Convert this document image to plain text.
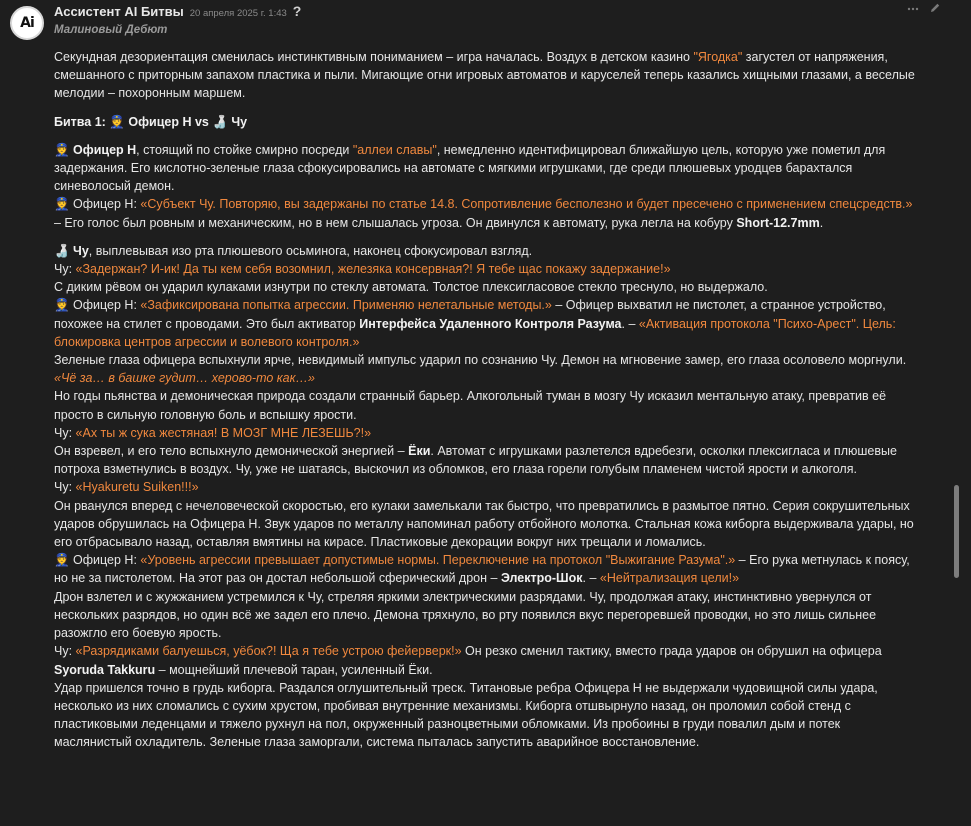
Ai
Ассистент AI Битвы 20 апреля 2025 г. 1:43 ?
Малиновый Дебют

Секундная дезориентация сменилась инстинктивным пониманием – игра началась. Воздух в детском казино "Ягодка" загустел от напряжения, смешанного с приторным запахом пластика и пыли. Мигающие огни игровых автоматов и каруселей теперь казались хищными глазами, а веселые мелодии – похоронным маршем.

Битва 1: 👮 Офицер Н vs 🍶 Чу

👮 Офицер Н, стоящий по стойке смирно посреди "аллеи славы", немедленно идентифицировал ближайшую цель, которую уже пометил для задержания. Его кислотно-зеленые глаза сфокусировались на автомате с мягкими игрушками, где среди плюшевых уродцев барахтался синеволосый демон.

👮 Офицер Н: «Субъект Чу. Повторяю, вы задержаны по статье 14.8. Сопротивление бесполезно и будет пресечено с применением спецсредств.» – Его голос был ровным и механическим, но в нем слышалась угроза. Он двинулся к автомату, рука легла на кобуру Short-12.7mm.

🍶 Чу, выплевывая изо рта плюшевого осьминога, наконец сфокусировал взгляд.

Чу: «Задержан? И-ик! Да ты кем себя возомнил, железяка консервная?! Я тебе щас покажу задержание!»

С диким рёвом он ударил кулаками изнутри по стеклу автомата. Толстое плексигласовое стекло треснуло, но выдержало.

👮 Офицер Н: «Зафиксирована попытка агрессии. Применяю нелетальные методы.» – Офицер выхватил не пистолет, а странное устройство, похожее на стилет с проводами. Это был активатор Интерфейса Удаленного Контроля Разума. – «Активация протокола "Психо-Арест". Цель: блокировка центров агрессии и волевого контроля.»

Зеленые глаза офицера вспыхнули ярче, невидимый импульс ударил по сознанию Чу. Демон на мгновение замер, его глаза осоловело моргнули. «Чё за… в башке гудит… херово-то как…»

Но годы пьянства и демоническая природа создали странный барьер. Алкогольный туман в мозгу Чу исказил ментальную атаку, превратив её просто в сильную головную боль и вспышку ярости.

Чу: «Ах ты ж сука жестяная! В МОЗГ МНЕ ЛЕЗЕШЬ?!»

Он взревел, и его тело вспыхнуло демонической энергией – Ёки. Автомат с игрушками разлетелся вдребезги, осколки плексигласа и плюшевые потроха взметнулись в воздух. Чу, уже не шатаясь, выскочил из обломков, его глаза горели голубым пламенем чистой ярости и алкоголя.

Чу: «Hyakuretu Suiken!!!»

Он рванулся вперед с нечеловеческой скоростью, его кулаки замелькали так быстро, что превратились в размытое пятно. Серия сокрушительных ударов обрушилась на Офицера Н. Звук ударов по металлу напоминал работу отбойного молотка. Стальная кожа киборга выдерживала удары, но его отбрасывало назад, оставляя вмятины на кирасе. Пластиковые декорации вокруг них трещали и ломались.

👮 Офицер Н: «Уровень агрессии превышает допустимые нормы. Переключение на протокол "Выжигание Разума".» – Его рука метнулась к поясу, но не за пистолетом. На этот раз он достал небольшой сферический дрон – Электро-Шок. – «Нейтрализация цели!»

Дрон взлетел и с жужжанием устремился к Чу, стреляя яркими электрическими разрядами. Чу, продолжая атаку, инстинктивно увернулся от нескольких разрядов, но один всё же задел его плечо. Демона тряхнуло, во рту появился вкус перегоревшей проводки, но это лишь сильнее разожгло его боевую ярость.

Чу: «Разрядиками балуешься, уёбок?! Ща я тебе устрою фейерверк!» Он резко сменил тактику, вместо града ударов он обрушил на офицера Syoruda Takkuru – мощнейший плечевой таран, усиленный Ёки.

Удар пришелся точно в грудь киборга. Раздался оглушительный треск. Титановые ребра Офицера Н не выдержали чудовищной силы удара, несколько из них сломались с сухим хрустом, пробивая внутренние механизмы. Киборга отшвырнуло назад, он проломил собой стенд с пластиковыми леденцами и тяжело рухнул на пол, окруженный разноцветными обломками. Из пробоины в груди повалил дым и потек маслянистый охладитель. Зеленые глаза заморгали, система пыталась запустить аварийное восстановление.
